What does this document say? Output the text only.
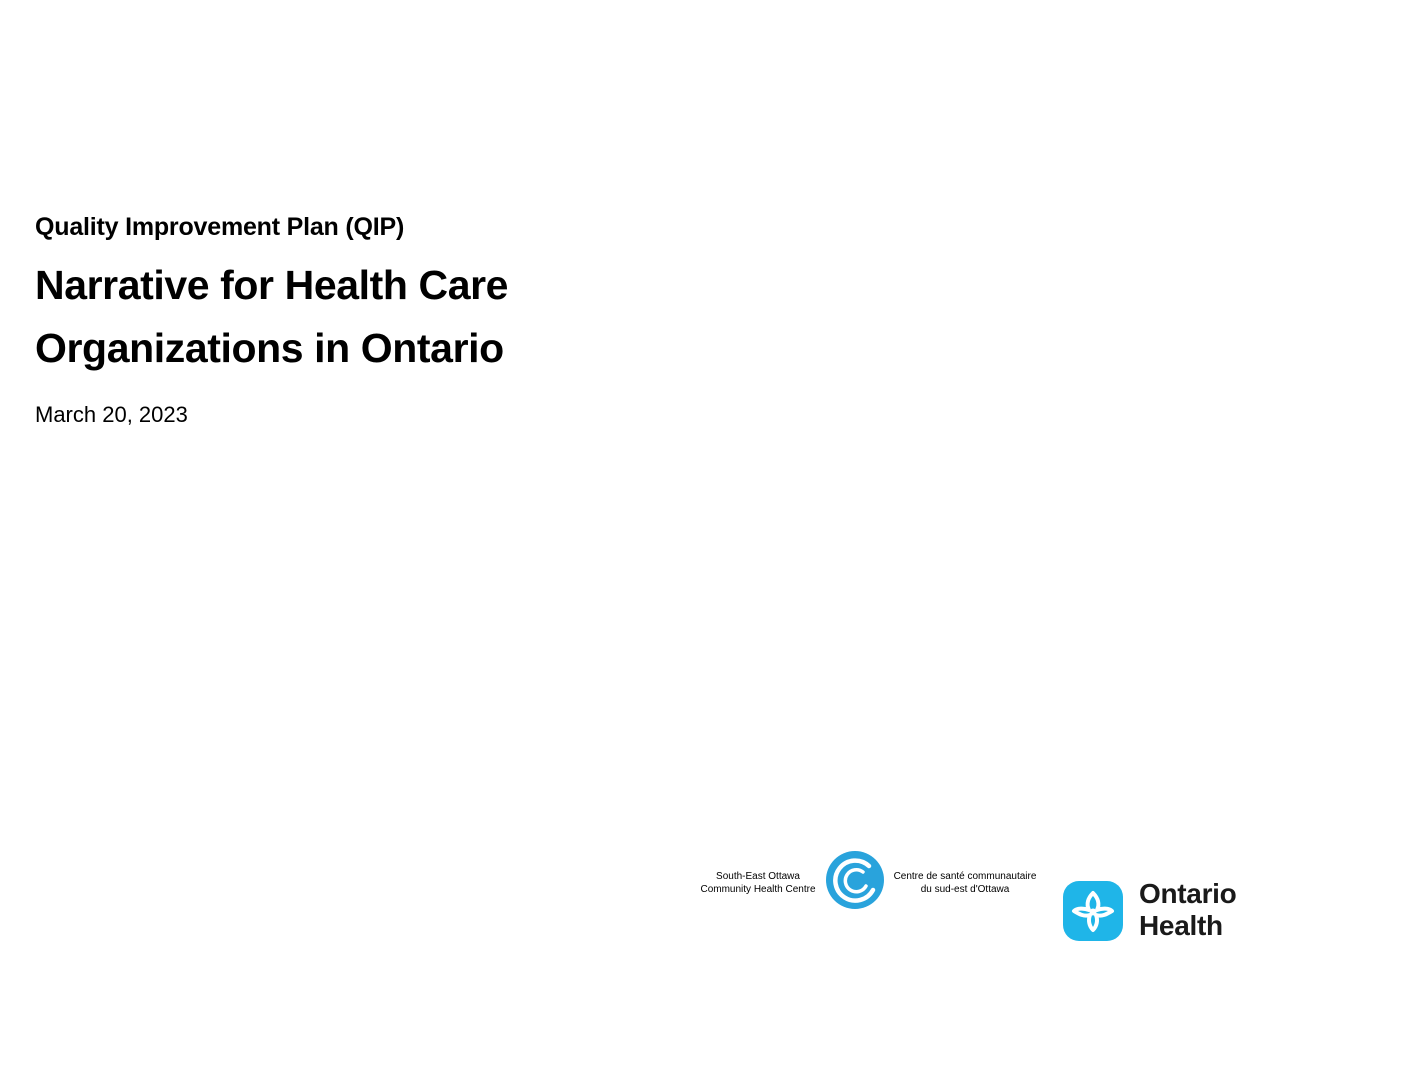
Quality Improvement Plan (QIP)

Narrative for Health Care
Organizations in Ontario

March 20, 2023

South-East Ottawa
Community Health Centre
Centre de santé communautaire
du sud-est d'Ottawa	Ontario
Health
